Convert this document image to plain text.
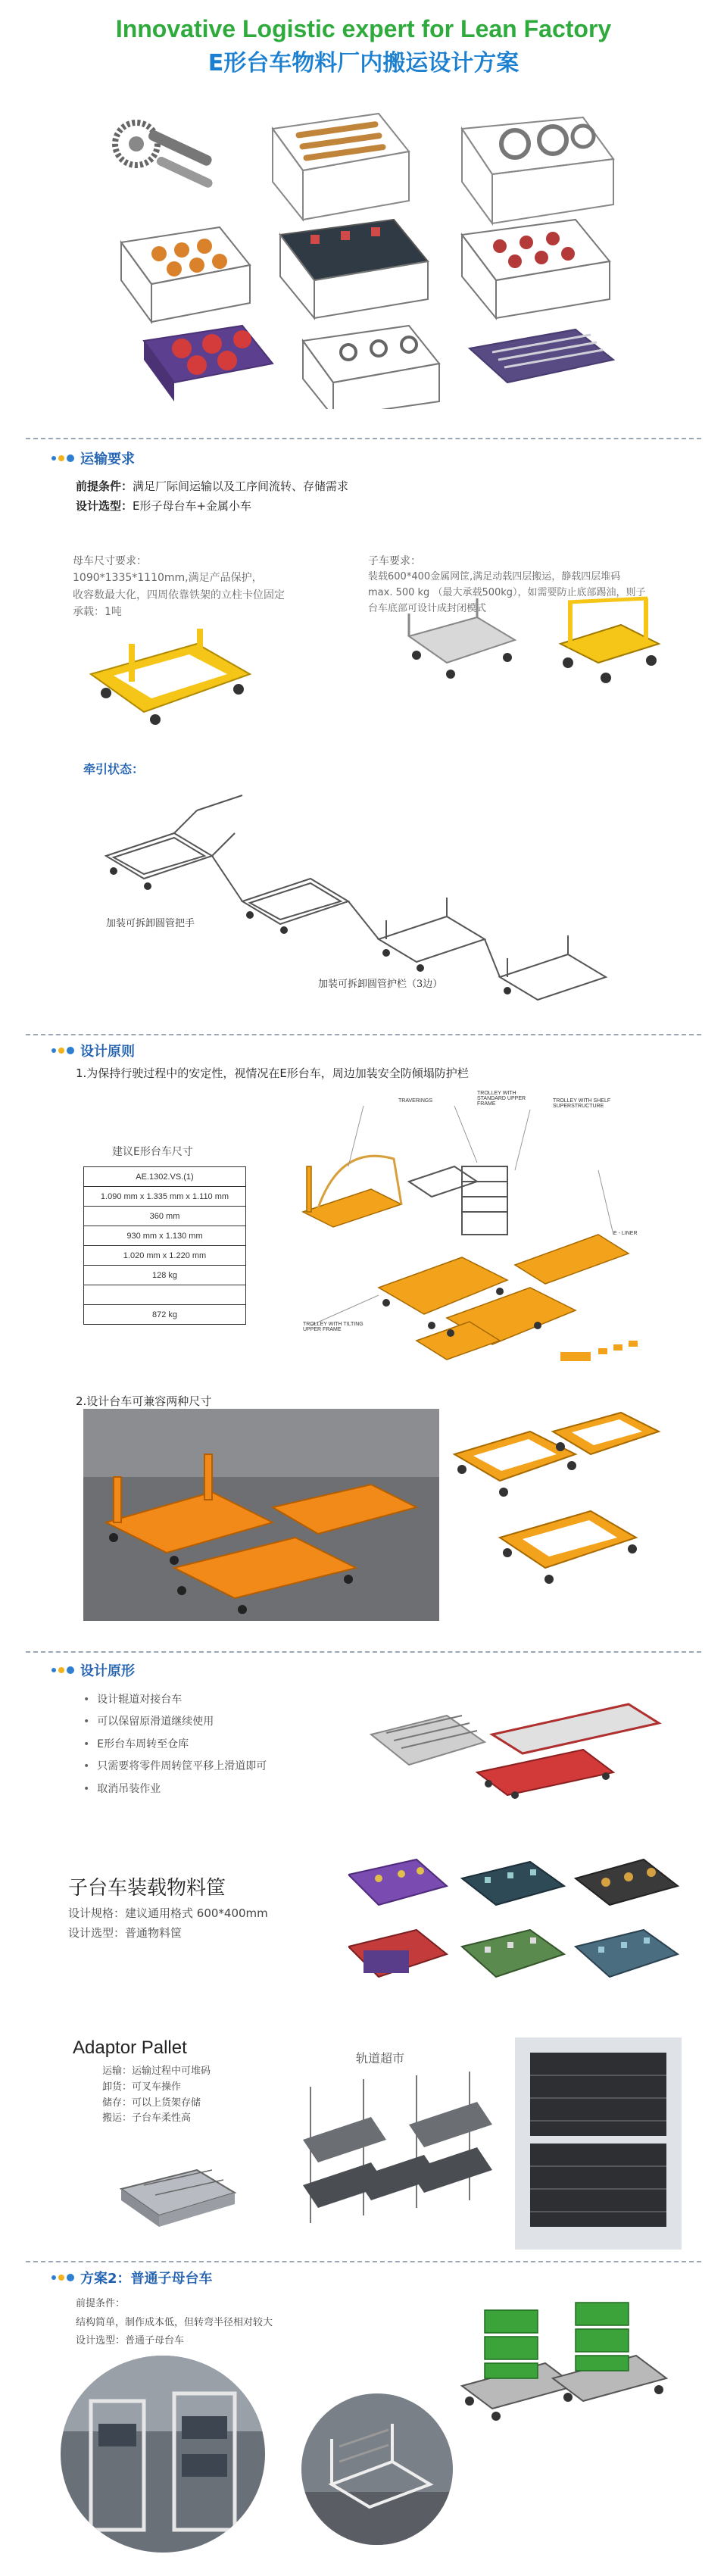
Innovative Logistic expert for Lean Factory
E形台车物料厂内搬运设计方案
运输要求
前提条件：满足厂际间运输以及工序间流转、存储需求
设计选型：E形子母台车+金属小车
母车尺寸要求：
1090*1335*1110mm,满足产品保护，
收容数最大化，四周依靠铁架的立柱卡位固定
承载：1吨
子车要求：
装载600*400金属网筐,满足动载四层搬运，静载四层堆码
max. 500 kg （最大承载500kg），如需要防止底部踢油，则子
台车底部可设计成封闭模式
牵引状态：
加装可拆卸圆管把手
加装可拆卸圆管护栏（3边）
设计原则
1.为保持行驶过程中的安定性，视情况在E形台车，周边加装安全防倾塌防护栏
建议E形台车尺寸
AE.1302.VS.(1)
1.090 mm x 1.335 mm x 1.110 mm
360 mm
930 mm x 1.130 mm
1.020 mm x 1.220 mm
128 kg

872 kg
TRAVERINGS
TROLLEY WITH STANDARD UPPER FRAME
TROLLEY WITH SHELF SUPERSTRUCTURE
E - LINER
TROLLEY WITH TILTING UPPER FRAME
2.设计台车可兼容两种尺寸
设计原形
• 设计辊道对接台车
• 可以保留原滑道继续使用
• E形台车周转至仓库
• 只需要将零件周转筐平移上滑道即可
• 取消吊装作业
子台车装载物料筐
设计规格：建议通用格式 600*400mm
设计选型：普通物料筐
Adaptor Pallet
运输：运输过程中可堆码
卸货：可叉车操作
储存：可以上货架存储
搬运：子台车柔性高
轨道超市
方案2：普通子母台车
前提条件：
结构简单，制作成本低，但转弯半径相对较大
设计选型：普通子母台车
